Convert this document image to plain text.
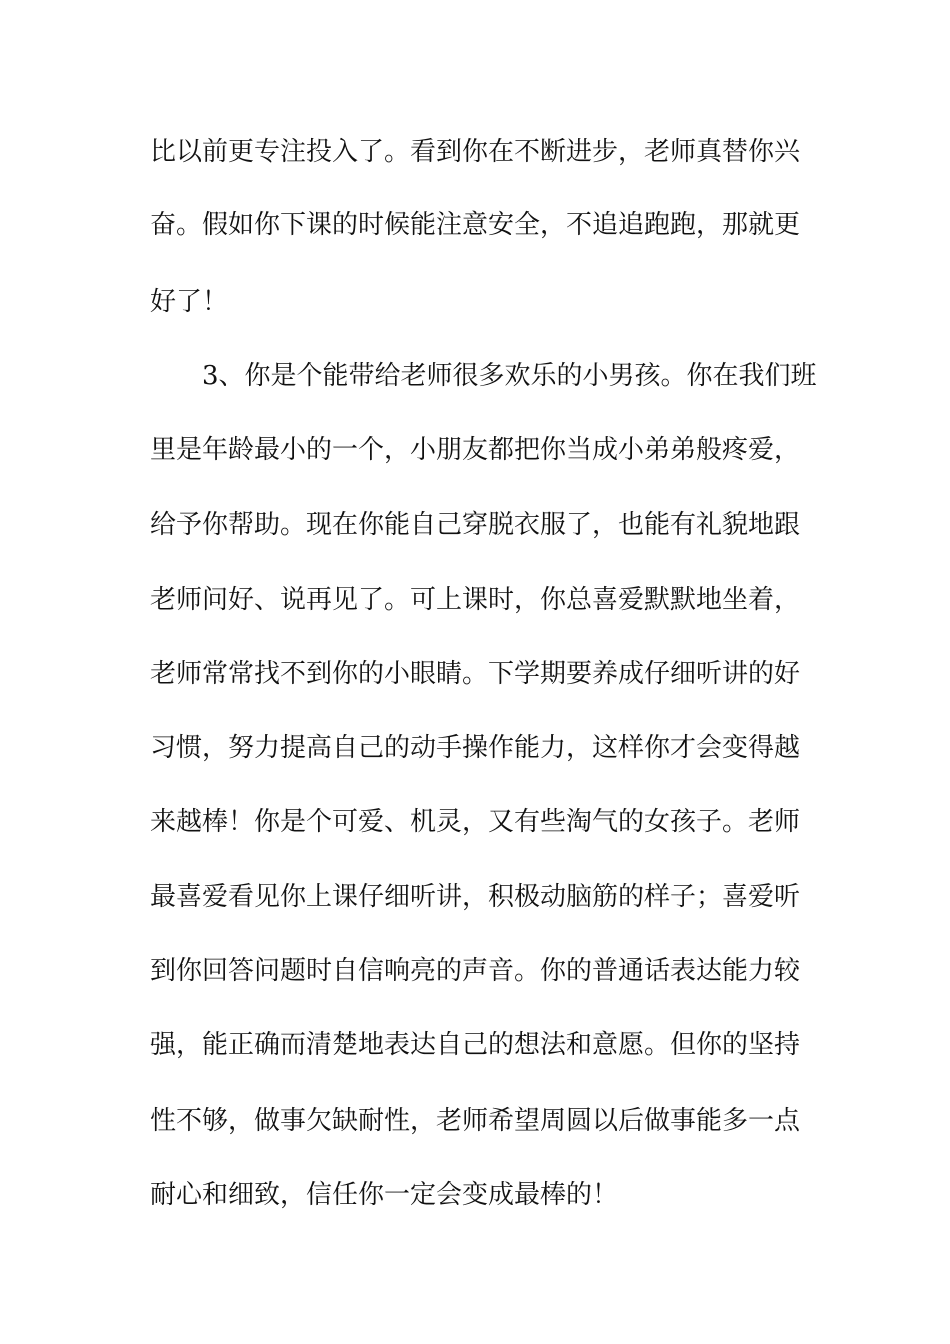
比以前更专注投入了。看到你在不断进步，老师真替你兴
奋。假如你下课的时候能注意安全，不追追跑跑，那就更
好了！
3、你是个能带给老师很多欢乐的小男孩。你在我们班
里是年龄最小的一个，小朋友都把你当成小弟弟般疼爱，
给予你帮助。现在你能自己穿脱衣服了，也能有礼貌地跟
老师问好、说再见了。可上课时，你总喜爱默默地坐着，
老师常常找不到你的小眼睛。下学期要养成仔细听讲的好
习惯，努力提高自己的动手操作能力，这样你才会变得越
来越棒！你是个可爱、机灵，又有些淘气的女孩子。老师
最喜爱看见你上课仔细听讲，积极动脑筋的样子；喜爱听
到你回答问题时自信响亮的声音。你的普通话表达能力较
强，能正确而清楚地表达自己的想法和意愿。但你的坚持
性不够，做事欠缺耐性，老师希望周圆以后做事能多一点
耐心和细致，信任你一定会变成最棒的！
